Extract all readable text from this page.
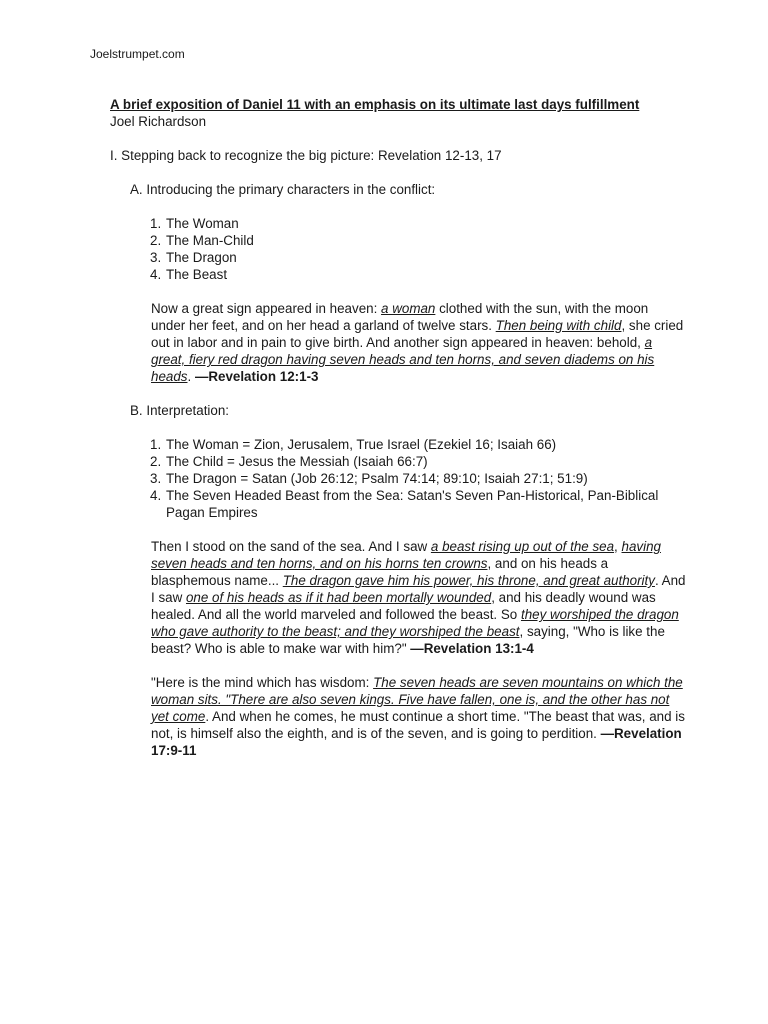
Joelstrumpet.com

A brief exposition of Daniel 11 with an emphasis on its ultimate last days fulfillment

Joel Richardson

I. Stepping back to recognize the big picture: Revelation 12-13, 17
A. Introducing the primary characters in the conflict:
1. The Woman
2. The Man-Child
3. The Dragon
4. The Beast
Now a great sign appeared in heaven: a woman clothed with the sun, with the moon under her feet, and on her head a garland of twelve stars. Then being with child, she cried out in labor and in pain to give birth. And another sign appeared in heaven: behold, a great, fiery red dragon having seven heads and ten horns, and seven diadems on his heads. —Revelation 12:1-3
B. Interpretation:
1. The Woman = Zion, Jerusalem, True Israel (Ezekiel 16; Isaiah 66)
2. The Child = Jesus the Messiah (Isaiah 66:7)
3. The Dragon = Satan (Job 26:12; Psalm 74:14; 89:10; Isaiah 27:1; 51:9)
4. The Seven Headed Beast from the Sea: Satan's Seven Pan-Historical, Pan-Biblical Pagan Empires
Then I stood on the sand of the sea. And I saw a beast rising up out of the sea, having seven heads and ten horns, and on his horns ten crowns, and on his heads a blasphemous name... The dragon gave him his power, his throne, and great authority. And I saw one of his heads as if it had been mortally wounded, and his deadly wound was healed. And all the world marveled and followed the beast. So they worshiped the dragon who gave authority to the beast; and they worshiped the beast, saying, "Who is like the beast? Who is able to make war with him?" —Revelation 13:1-4
"Here is the mind which has wisdom: The seven heads are seven mountains on which the woman sits. "There are also seven kings. Five have fallen, one is, and the other has not yet come. And when he comes, he must continue a short time. "The beast that was, and is not, is himself also the eighth, and is of the seven, and is going to perdition. —Revelation 17:9-11
